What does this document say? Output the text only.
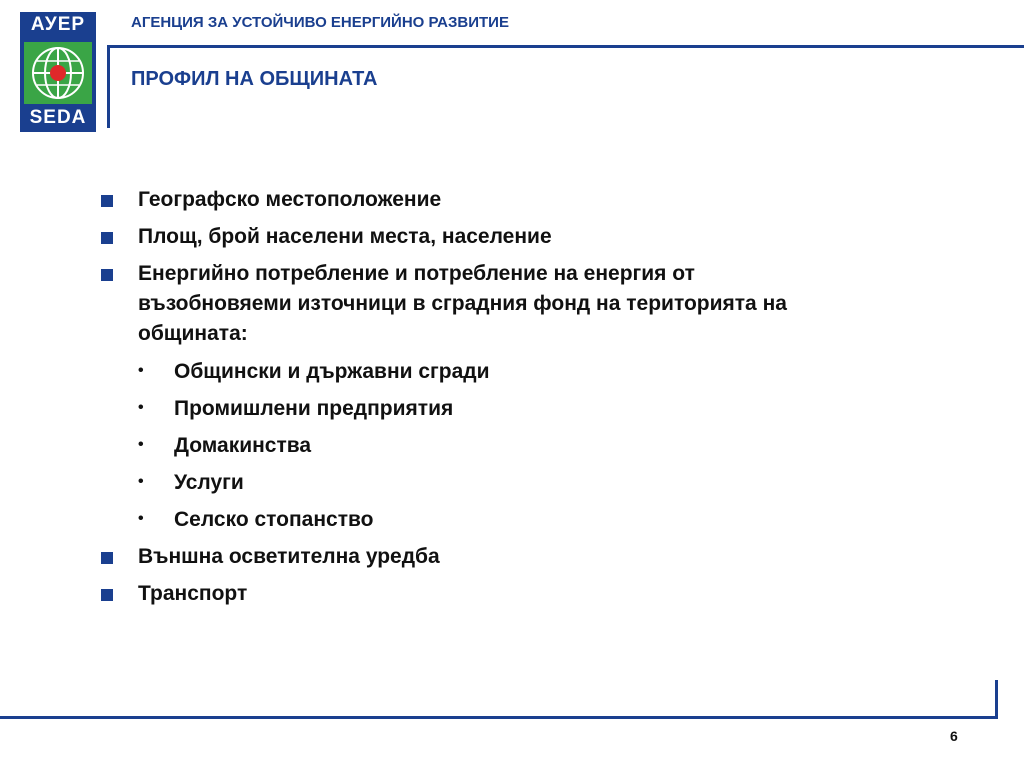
АУЕР
SEDA
АГЕНЦИЯ ЗА УСТОЙЧИВО ЕНЕРГИЙНО РАЗВИТИЕ
ПРОФИЛ НА ОБЩИНАТА
Географско местоположение
Площ, брой населени места, население
Енергийно потребление и потребление на енергия от
възобновяеми източници в сградния фонд на територията на
общината:
• Общински и държавни сгради
• Промишлени предприятия
• Домакинства
• Услуги
• Селско стопанство
Външна осветителна уредба
Транспорт
6
